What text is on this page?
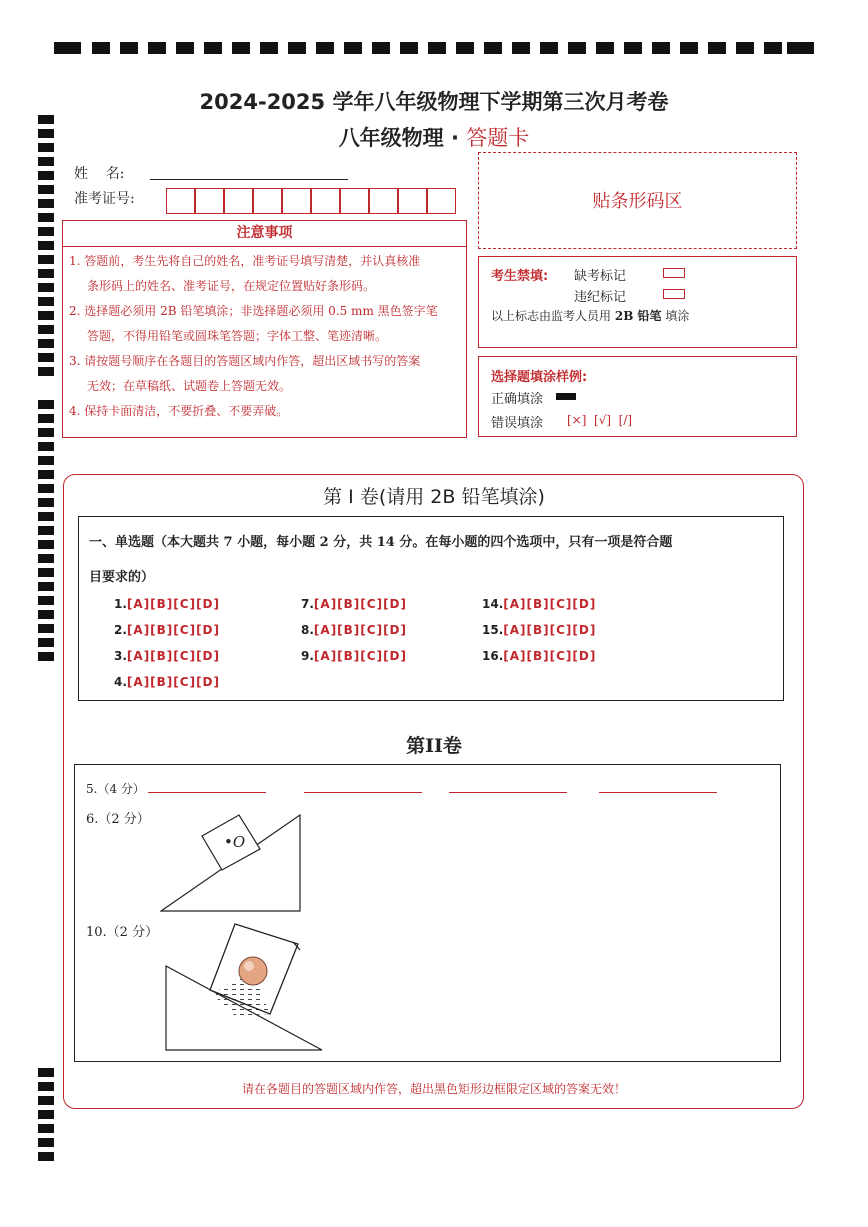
2024-2025 学年八年级物理下学期第三次月考卷
八年级物理 · 答题卡
姓    名:
准考证号:	贴条形码区
注意事项

1. 答题前，考生先将自己的姓名，准考证号填写清楚，并认真核准

条形码上的姓名、准考证号，在规定位置贴好条形码。

2. 选择题必须用 2B 铅笔填涂；非选择题必须用 0.5 mm 黑色签字笔

答题，不得用铅笔或圆珠笔答题；字体工整、笔迹清晰。

3. 请按题号顺序在各题目的答题区域内作答，超出区域书写的答案

无效；在草稿纸、试题卷上答题无效。

4. 保持卡面清洁，不要折叠、不要弄破。

考生禁填: 缺考标记
违纪标记
以上标志由监考人员用 2B 铅笔 填涂
选择题填涂样例:
正确填涂
错误填涂 [×]  [√]  [/]
第 I 卷(请用 2B 铅笔填涂)
一、单选题（本大题共 7 小题，每小题 2 分，共 14 分。在每小题的四个选项中，只有一项是符合题
目要求的）
1.[A][B][C][D]
2.[A][B][C][D]
3.[A][B][C][D]
4.[A][B][C][D]
7.[A][B][C][D]
8.[A][B][C][D]
9.[A][B][C][D]
14.[A][B][C][D]
15.[A][B][C][D]
16.[A][B][C][D]
第II卷
5.（4 分）
6.（2 分）
•O
10.（2 分）
请在各题目的答题区域内作答，超出黑色矩形边框限定区域的答案无效！
